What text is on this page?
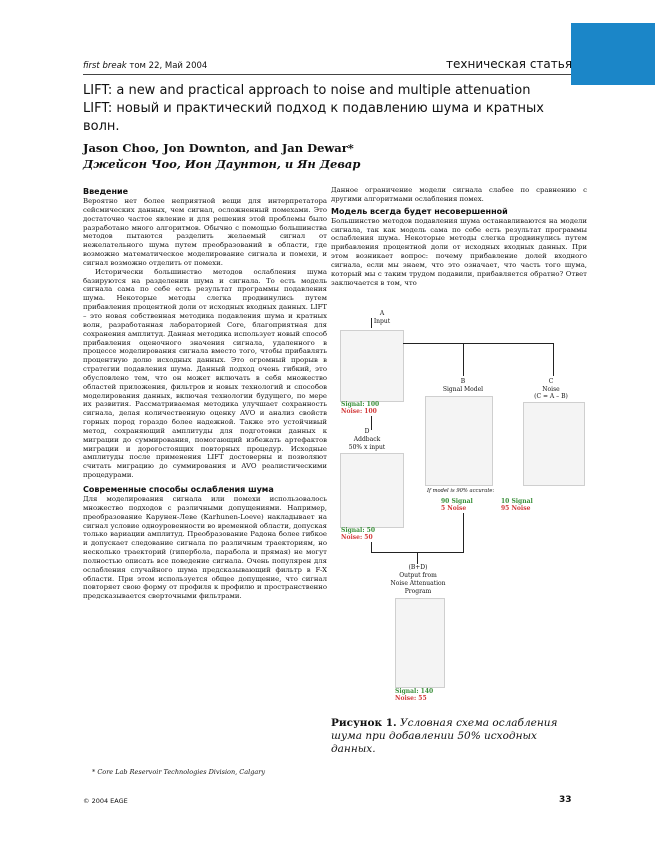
first break том 22, Май 2004	техническая статья
LIFT: a new and practical approach to noise and multiple attenuation
LIFT: новый и практический подход к подавлению шума и кратных
волн.
Jason Choo, Jon Downton, and Jan Dewar*
Джейсон Чоо, Ион Даунтон, и Ян Девар
Введение

Вероятно нет более неприятной вещи для интерпретатора сейсмических данных, чем сигнал, осложненный помехами. Это достаточно частое явление и для решения этой проблемы было разработано много алгоритмов. Обычно с помощью большинства методов пытаются разделить желаемый сигнал от нежелательного шума путем преобразований в области, где возможно математическое моделирование сигнала и помехи, и сигнал возможно отделить от помехи.

Исторически большинство методов ослабления шума базируются на разделении шума и сигнала. То есть модель сигнала сама по себе есть результат программы подавления шума. Некоторые методы слегка продвинулись путем прибавления процентной доли от исходных входных данных. LIFT – это новая собственная методика подавления шума и кратных волн, разработанная лабораторией Core, благоприятная для сохранения амплитуд. Данная методика использует новый способ прибавления оценочного значения сигнала, удаленного в процессе моделирования сигнала вместо того, чтобы прибавлять процентную долю исходных данных. Это огромный прорыв в стратегии подавления шума. Данный подход очень гибкий, это обусловлено тем, что он может включать в себя множество областей приложения, фильтров и новых технологий и способов моделирования данных, включая технологии будущего, по мере их развития. Рассматриваемая методика улучшает сохранность сигнала, делая количественную оценку AVO и анализ свойств горных пород гораздо более надежной. Также это устойчивый метод, сохраняющий амплитуды для подготовки данных к миграции до суммирования, помогающий избежать артефактов миграции и дорогостоящих повторных процедур. Исходные амплитуды после применения LIFT достоверны и позволяют считать миграцию до суммирования и AVO реалистическими процедурами.

Современные способы ослабления шума

Для моделирования сигнала или помехи использовалось множество подходов с различными допущениями. Например, преобразование Карунен-Леве (Karhunen-Loeve) накладывает на сигнал условие одноуровенности во временной области, допуская только вариации амплитуд. Преобразование Радона более гибкое и допускает следование сигнала по различным траекториям, но несколько траекторий (гипербола, парабола и прямая) не могут полностью описать все поведение сигнала. Очень популярен для ослабления случайного шума предсказывающий фильтр в F-X области. При этом используется общее допущение, что сигнал повторяет свою форму от профиля к профилю и пространственно предсказывается сверточными фильтрами.

* Core Lab Reservoir Technologies Division, Calgary

Данное ограничение модели сигнала слабее по сравнению с другими алгоритмами ослабления помех.

Модель всегда будет несовершенной

Большинство методов подавления шума останавливаются на модели сигнала, так как модель сама по себе есть результат программы ослабления шума. Некоторые методы слегка продвинулись путем прибавления процентной доли от исходных входных данных. При этом возникает вопрос: почему прибавление долей входного сигнала, если мы знаем, что это означает, что часть того шума, который мы с таким трудом подавили, прибавляется обратно? Ответ заключается в том, что

A
Input
Signal: 100
Noise: 100
B
Signal Model
C
Noise
(C = A – B)
D
Addback
50% x input
Signal: 50
Noise: 50
If model is 90% accurate:
90 Signal
5 Noise
10 Signal
95 Noise
(B+D)
Output from
Noise Attenuation
Program
Signal: 140
Noise: 55
Рисунок 1. Условная схема ослабления шума при добавлении 50% исходных данных.
© 2004 EAGE	33
